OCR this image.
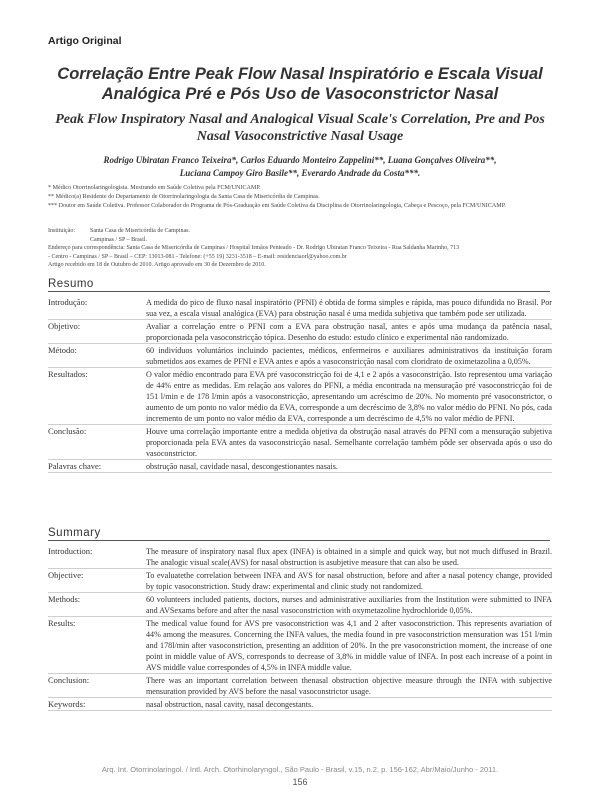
Artigo Original
Correlação Entre Peak Flow Nasal Inspiratório e Escala Visual Analógica Pré e Pós Uso de Vasoconstrictor Nasal
Peak Flow Inspiratory Nasal and Analogical Visual Scale's Correlation, Pre and Pos Nasal Vasoconstrictive Nasal Usage
Rodrigo Ubiratan Franco Teixeira*, Carlos Eduardo Monteiro Zappelini**, Luana Gonçalves Oliveira**,
Luciana Campoy Giro Basile**, Everardo Andrade da Costa***.
* Médico Otorrinolaringologista. Mestrando em Saúde Coletiva pela FCM/UNICAMP.
** Médico(a) Residente do Departamento de Otorrinolaringologia da Santa Casa de Misericórdia de Campinas.
*** Doutor em Saúde Coletiva. Professor Colaborador do Programa de Pós-Graduação em Saúde Coletiva da Disciplina de Otorrinolaringologia, Cabeça e Pescoço, pela FCM/UNICAMP.
Instituição:	Santa Casa de Misericórdia de Campinas.
Campinas / SP – Brasil.
Endereço para correspondência: Santa Casa de Misericórdia de Campinas / Hospital Irmãos Penteado - Dr. Rodrigo Ubiratan Franco Teixeira - Rua Saldanha Marinho, 713
- Centro - Campinas / SP – Brasil – CEP: 13013-081 - Telefone: (+55 19) 3231-3518 – E-mail: residenciaorl@yahoo.com.br
Artigo recebido em 18 de Outubro de 2010. Artigo aprovado em 30 de Dezembro de 2010.
Resumo
Introdução:	A medida do pico de fluxo nasal inspiratório (PFNI) é obtida de forma simples e rápida, mas pouco difundida no Brasil. Por sua vez, a escala visual analógica (EVA) para obstrução nasal é uma medida subjetiva que também pode ser utilizada.
Objetivo:	Avaliar a correlação entre o PFNI com a EVA para obstrução nasal, antes e após uma mudança da patência nasal, proporcionada pela vasoconstricção tópica. Desenho do estudo: estudo clínico e experimental não randomizado.
Método:	60 indivíduos voluntários incluindo pacientes, médicos, enfermeiros e auxiliares administrativos da instituição foram submetidos aos exames de PFNI e EVA antes e após a vasoconstricção nasal com cloridrato de oximetazolina a 0,05%.
Resultados:	O valor médio encontrado para EVA pré vasoconstricção foi de 4,1 e 2 após a vasoconstrição. Isto representou uma variação de 44% entre as medidas. Em relação aos valores do PFNI, a média encontrada na mensuração pré vasoconstricção foi de 151 l/min e de 178 l/min após a vasoconstricção, apresentando um acréscimo de 20%. No momento pré vasoconstrictor, o aumento de um ponto no valor médio da EVA, corresponde a um decréscimo de 3,8% no valor médio do PFNI. No pós, cada incremento de um ponto no valor médio da EVA, corresponde a um decréscimo de 4,5% no valor médio de PFNI.
Conclusão:	Houve uma correlação importante entre a medida objetiva da obstrução nasal através do PFNI com a mensuração subjetiva proporcionada pela EVA antes da vasoconstricção nasal. Semelhante correlação também pôde ser observada após o uso do vasoconstrictor.
Palavras chave:	obstrução nasal, cavidade nasal, descongestionantes nasais.
Summary
Introduction:	The measure of inspiratory nasal flux apex (INFA) is obtained in a simple and quick way, but not much diffused in Brazil. The analogic visual scale(AVS) for nasal obstruction is asubjetive measure that can also be used.
Objective:	To evaluatethe correlation between INFA and AVS for nasal obstruction, before and after a nasal potency change, provided by topic vasoconstriction. Study draw: experimental and clinic study not randomized.
Methods:	60 volunteers included patients, doctors, nurses and administrative auxiliaries from the Institution were submitted to INFA and AVSexams before and after the nasal vasoconstriction with oxymetazoline hydrochloride 0,05%.
Results:	The medical value found for AVS pre vasoconstriction was 4,1 and 2 after vasoconstriction. This represents avariation of 44% among the measures. Concerning the INFA values, the media found in pre vasoconstriction mensuration was 151 l/min and 178l/min after vasoconstriction, presenting an addition of 20%. In the pre vasoconstriction moment, the increase of one point in middle value of AVS, corresponds to decrease of 3,8% in middle value of INFA. In post each increase of a point in AVS middle value correspondes of 4,5% in INFA middle value.
Conclusion:	There was an important correlation between thenasal obstruction objective measure through the INFA with subjective mensuration provided by AVS before the nasal vasoconstrictor usage.
Keywords:	nasal obstruction, nasal cavity, nasal decongestants.
Arq. Int. Otorrinolaringol. / Intl. Arch. Otorhinolaryngol., São Paulo - Brasil, v.15, n.2, p. 156-162, Abr/Maio/Junho - 2011.
156
